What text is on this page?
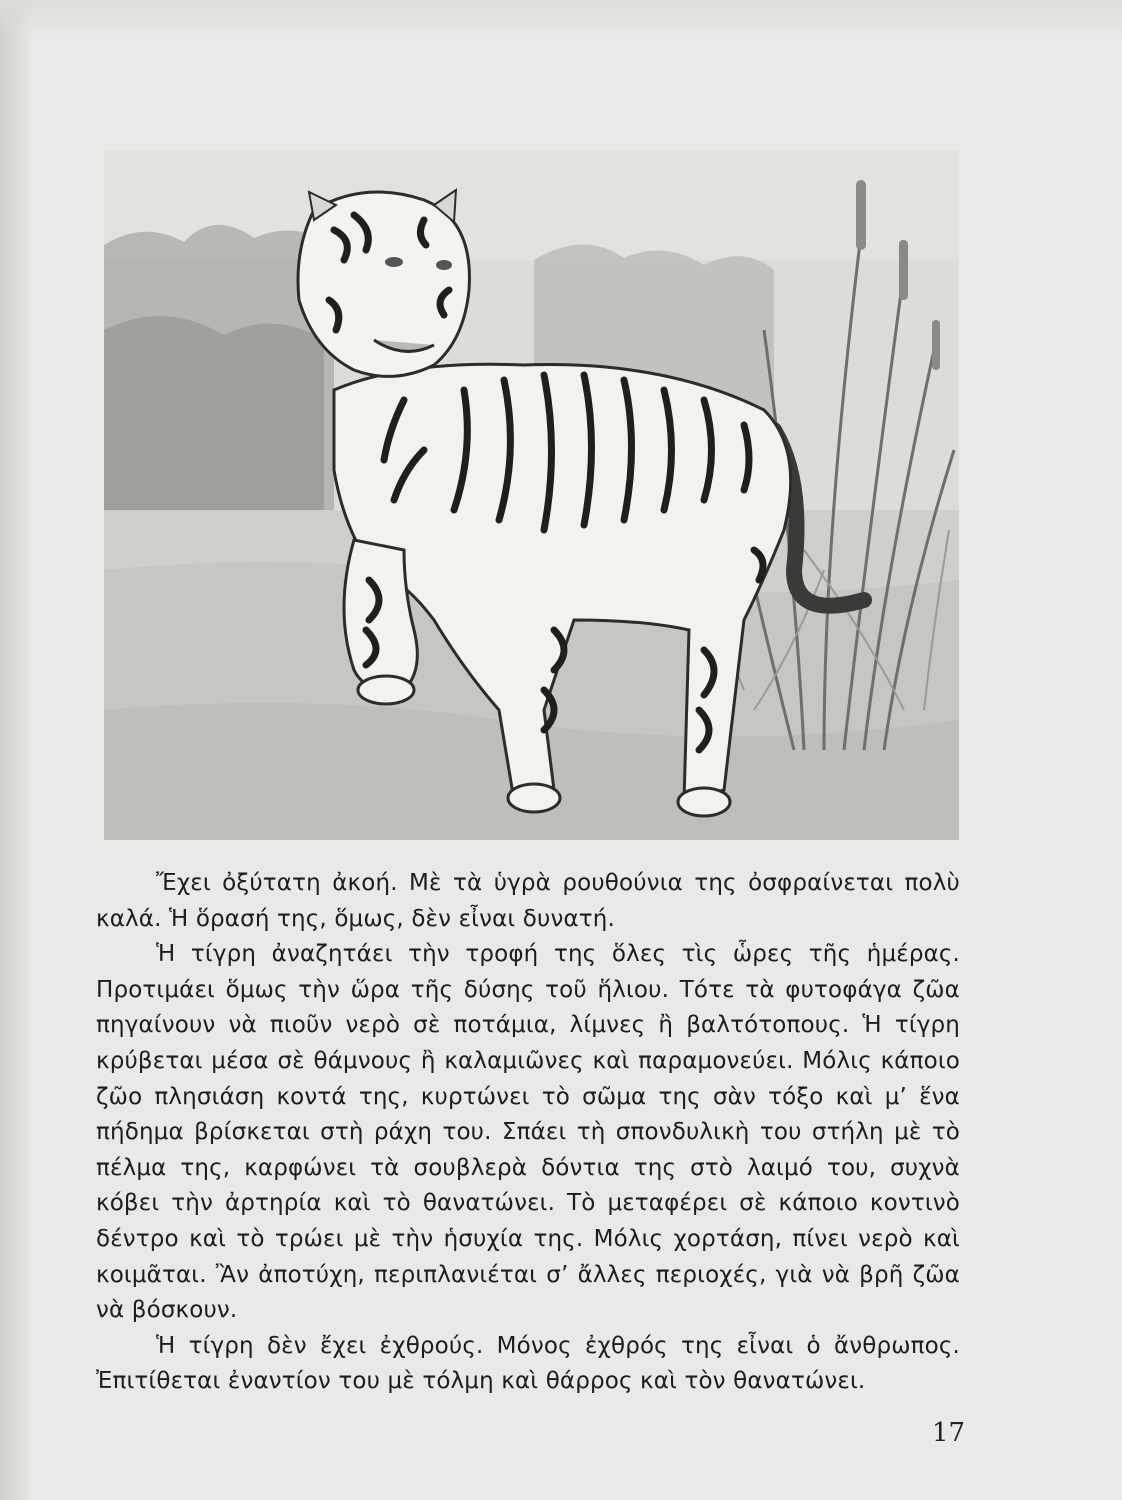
Ἔχει ὀξύτατη ἀκοή. Μὲ τὰ ὑγρὰ ρουθούνια της ὀσφραίνεται πολὺ καλά. Ἡ ὅρασή της, ὅμως, δὲν εἶναι δυνατή.

Ἡ τίγρη ἀναζητάει τὴν τροφή της ὅλες τὶς ὧρες τῆς ἡμέρας. Προτιμάει ὅμως τὴν ὥρα τῆς δύσης τοῦ ἥλιου. Τότε τὰ φυτοφάγα ζῶα πηγαίνουν νὰ πιοῦν νερὸ σὲ ποτάμια, λίμνες ἢ βαλτότοπους. Ἡ τίγρη κρύβεται μέσα σὲ θάμνους ἢ καλαμιῶνες καὶ παραμονεύει. Μόλις κάποιο ζῶο πλησιάση κοντά της, κυρτώνει τὸ σῶμα της σὰν τόξο καὶ μ’ ἕνα πήδημα βρίσκεται στὴ ράχη του. Σπάει τὴ σπονδυλικὴ του στήλη μὲ τὸ πέλμα της, καρφώνει τὰ σουβλερὰ δόντια της στὸ λαιμό του, συχνὰ κόβει τὴν ἀρτηρία καὶ τὸ θανατώνει. Τὸ μεταφέρει σὲ κάποιο κοντινὸ δέντρο καὶ τὸ τρώει μὲ τὴν ἡσυχία της. Μόλις χορτάση, πίνει νερὸ καὶ κοιμᾶται. Ἂν ἀποτύχη, περιπλανιέται σ’ ἄλλες περιοχές, γιὰ νὰ βρῆ ζῶα νὰ βόσκουν.

Ἡ τίγρη δὲν ἔχει ἐχθρούς. Μόνος ἐχθρός της εἶναι ὁ ἄνθρωπος. Ἐπιτίθεται ἐναντίον του μὲ τόλμη καὶ θάρρος καὶ τὸν θανατώνει.

17
